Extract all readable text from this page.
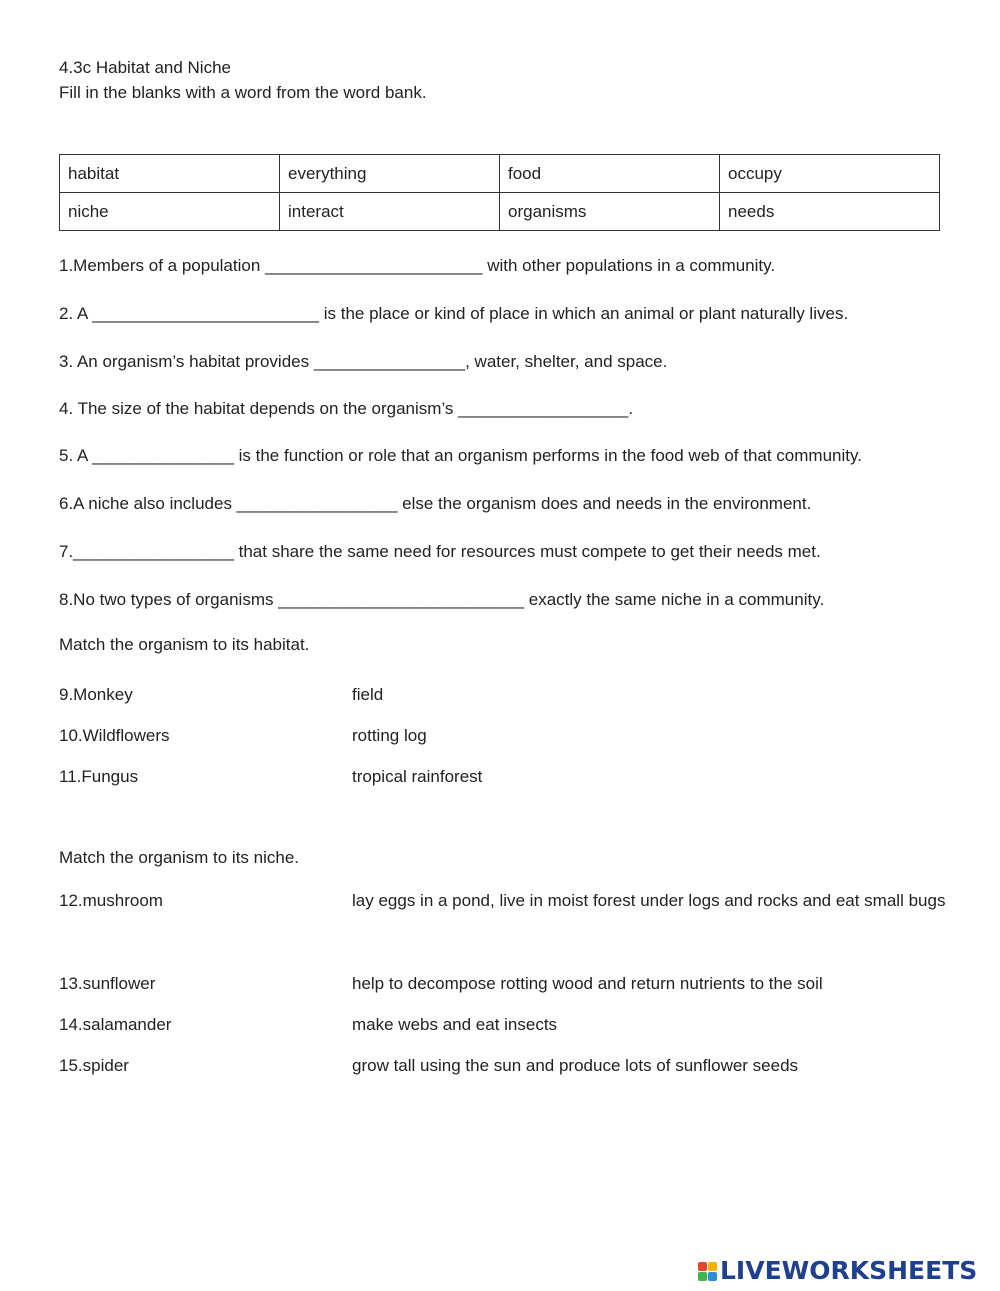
4.3c Habitat and Niche
Fill in the blanks with a word from the word bank.
habitat	everything	food	occupy
niche	interact	organisms	needs
1.Members of a population _______________________ with other populations in a community.
2. A ________________________ is the place or kind of place in which an animal or plant naturally lives.
3. An organism’s habitat provides ________________, water, shelter, and space.
4. The size of the habitat depends on the organism’s __________________.
5. A _______________ is the function or role that an organism performs in the food web of that community.
6.A niche also includes _________________ else the organism does and needs in the environment.
7._________________ that share the same need for resources must compete to get their needs met.
8.No two types of organisms __________________________ exactly the same niche in a community.
Match the organism to its habitat.
9.Monkey	field
10.Wildflowers	rotting log
11.Fungus	tropical rainforest
Match the organism to its niche.
12.mushroom	lay eggs in a pond, live in moist forest under logs and rocks and eat small bugs
13.sunflower	help to decompose rotting wood and return nutrients to the soil
14.salamander	make webs and eat insects
15.spider	grow tall using the sun and produce lots of sunflower seeds
LIVEWORKSHEETS
